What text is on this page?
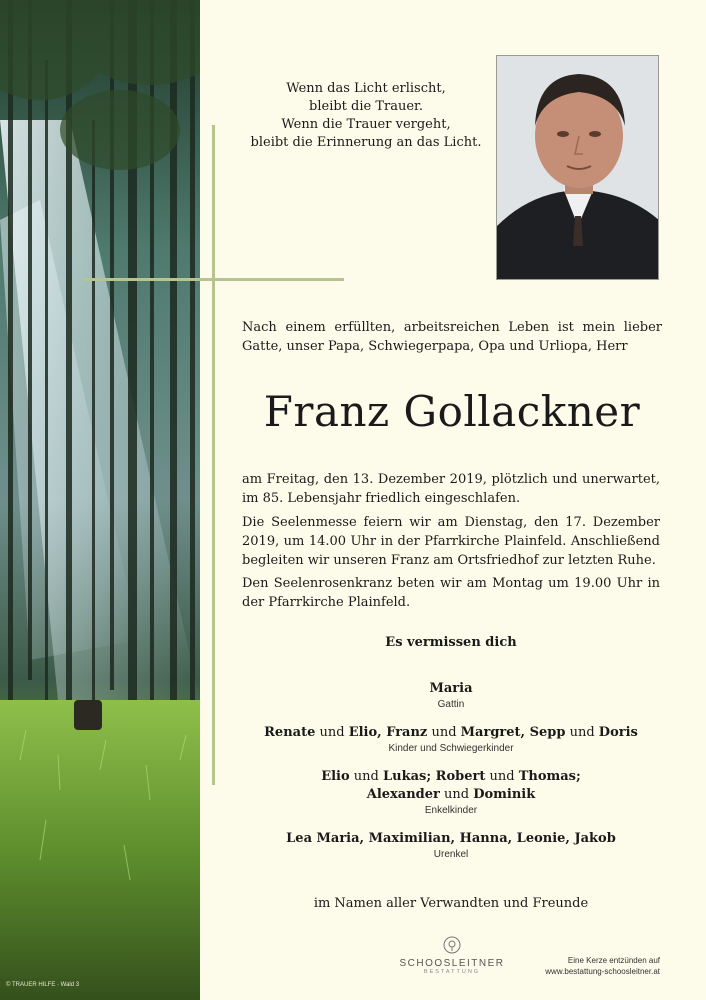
© TRAUER HILFE · Wald 3
Wenn das Licht erlischt,
bleibt die Trauer.
Wenn die Trauer vergeht,
bleibt die Erinnerung an das Licht.
Nach einem erfüllten, arbeitsreichen Leben ist mein lieber Gatte, unser Papa, Schwiegerpapa, Opa und Urliopa, Herr
Franz Gollackner
am Freitag, den 13. Dezember 2019, plötzlich und unerwartet, im 85. Lebensjahr friedlich eingeschlafen.
Die Seelenmesse feiern wir am Dienstag, den 17. Dezember 2019, um 14.00 Uhr in der Pfarrkirche Plainfeld. Anschließend begleiten wir unseren Franz am Ortsfriedhof zur letzten Ruhe.
Den Seelenrosenkranz beten wir am Montag um 19.00 Uhr in der Pfarrkirche Plainfeld.
Es vermissen dich
Maria
Gattin
Renate und Elio, Franz und Margret, Sepp und Doris
Kinder und Schwiegerkinder
Elio und Lukas; Robert und Thomas;
Alexander und Dominik
Enkelkinder
Lea Maria, Maximilian, Hanna, Leonie, Jakob
Urenkel
im Namen aller Verwandten und Freunde
SCHOOSLEITNER
BESTATTUNG
Eine Kerze entzünden auf
www.bestattung-schoosleitner.at
